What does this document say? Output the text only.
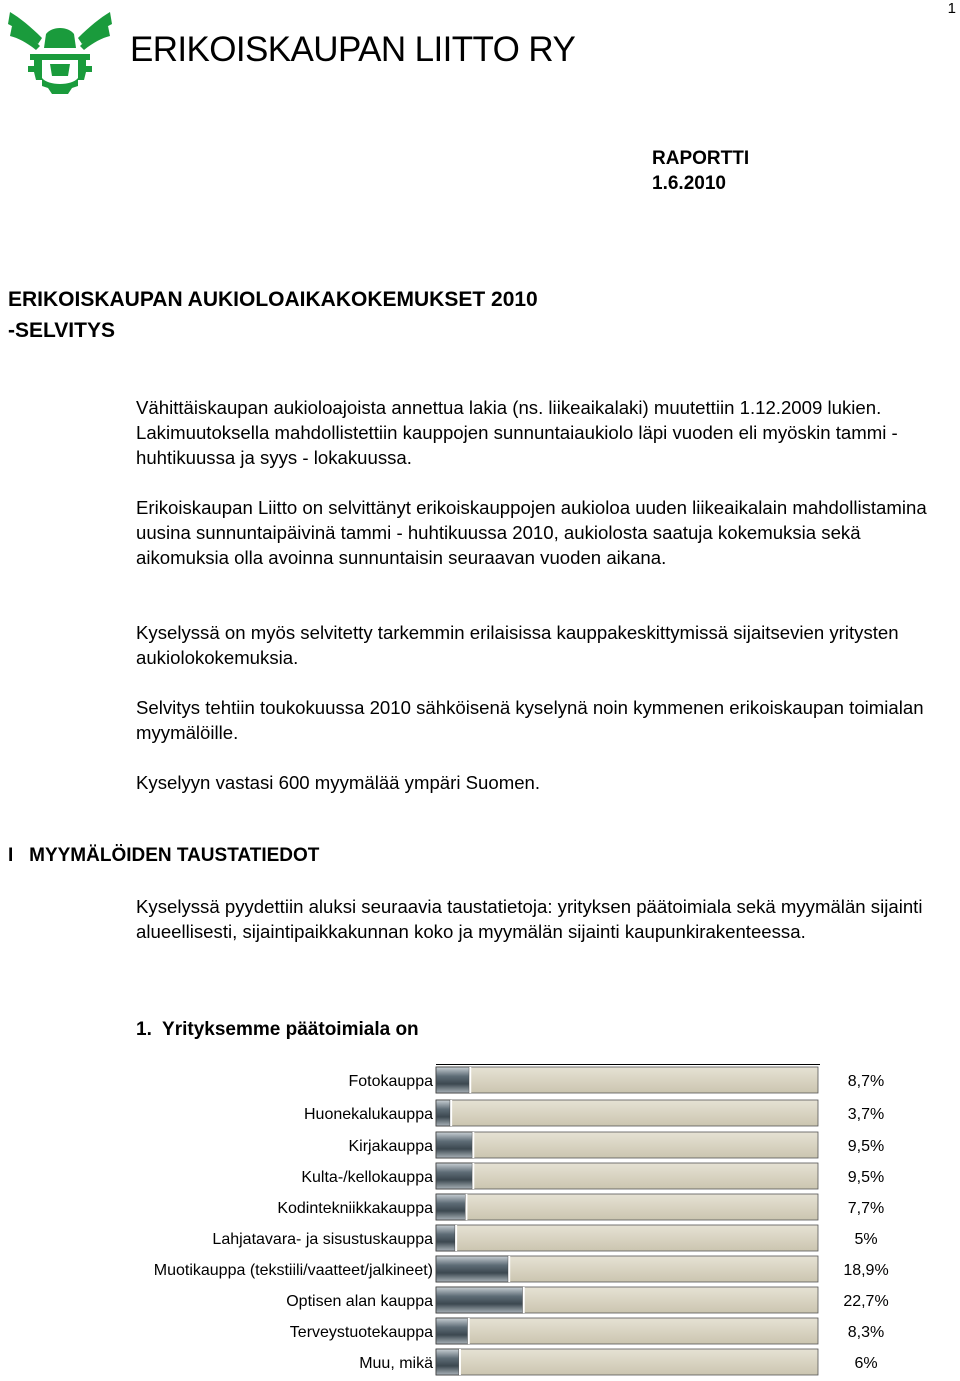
1
ERIKOISKAUPAN LIITTO RY
RAPORTTI
1.6.2010
ERIKOISKAUPAN AUKIOLOAIKAKOKEMUKSET 2010
-SELVITYS
Vähittäiskaupan aukioloajoista annettua lakia (ns. liikeaikalaki) muutettiin 1.12.2009 lukien. Lakimuutoksella mahdollistettiin kauppojen sunnuntaiaukiolo läpi vuoden eli myöskin tammi - huhtikuussa ja syys - lokakuussa.
Erikoiskaupan Liitto on selvittänyt erikoiskauppojen aukioloa uuden liikeaikalain mahdollistamina uusina sunnuntaipäivinä tammi - huhtikuussa 2010, aukiolosta saatuja kokemuksia sekä aikomuksia olla avoinna sunnuntaisin seuraavan vuoden aikana.
Kyselyssä on myös selvitetty tarkemmin erilaisissa kauppakeskittymissä sijaitsevien yritysten aukiolokokemuksia.
Selvitys tehtiin toukokuussa 2010 sähköisenä kyselynä noin kymmenen erikoiskaupan toimialan myymälöille.
Kyselyyn vastasi 600 myymälää ympäri Suomen.
I   MYYMÄLÖIDEN TAUSTATIEDOT
Kyselyssä pyydettiin aluksi seuraavia taustatietoja: yrityksen päätoimiala sekä myymälän sijainti alueellisesti, sijaintipaikkakunnan koko ja myymälän sijainti kaupunkirakenteessa.
1.  Yrityksemme päätoimiala on
Fotokauppa	8,7%
Huonekalukauppa	3,7%
Kirjakauppa	9,5%
Kulta-/kellokauppa	9,5%
Kodintekniikkakauppa	7,7%
Lahjatavara- ja sisustuskauppa	5%
Muotikauppa (tekstiili/vaatteet/jalkineet)	18,9%
Optisen alan kauppa	22,7%
Terveystuotekauppa	8,3%
Muu, mikä	6%
